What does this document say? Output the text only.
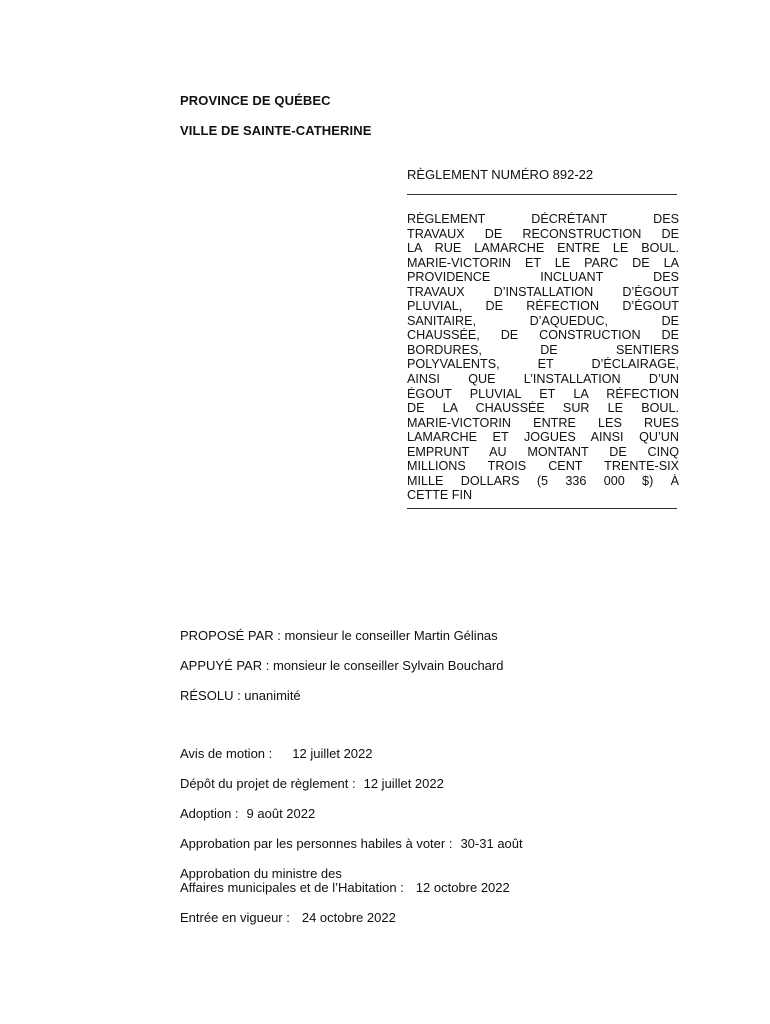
PROVINCE DE QUÉBEC
VILLE DE SAINTE-CATHERINE
RÈGLEMENT NUMÉRO 892-22
RÈGLEMENT DÉCRÉTANT DES
TRAVAUX DE RECONSTRUCTION DE
LA RUE LAMARCHE ENTRE LE BOUL.
MARIE-VICTORIN ET LE PARC DE LA
PROVIDENCE INCLUANT DES
TRAVAUX D’INSTALLATION D’ÉGOUT
PLUVIAL, DE RÉFECTION D’ÉGOUT
SANITAIRE, D’AQUEDUC, DE
CHAUSSÉE, DE CONSTRUCTION DE
BORDURES, DE SENTIERS
POLYVALENTS, ET D’ÉCLAIRAGE,
AINSI QUE L’INSTALLATION D’UN
ÉGOUT PLUVIAL ET LA RÉFECTION
DE LA CHAUSSÉE SUR LE BOUL.
MARIE-VICTORIN ENTRE LES RUES
LAMARCHE ET JOGUES AINSI QU’UN
EMPRUNT AU MONTANT DE CINQ
MILLIONS TROIS CENT TRENTE-SIX
MILLE DOLLARS (5 336 000 $) À
CETTE FIN
PROPOSÉ PAR : monsieur le conseiller Martin Gélinas
APPUYÉ PAR : monsieur le conseiller Sylvain Bouchard
RÉSOLU : unanimité
Avis de motion : 12 juillet 2022
Dépôt du projet de règlement : 12 juillet 2022
Adoption : 9 août 2022
Approbation par les personnes habiles à voter : 30-31 août
Approbation du ministre des
Affaires municipales et de l’Habitation : 12 octobre 2022
Entrée en vigueur : 24 octobre 2022
